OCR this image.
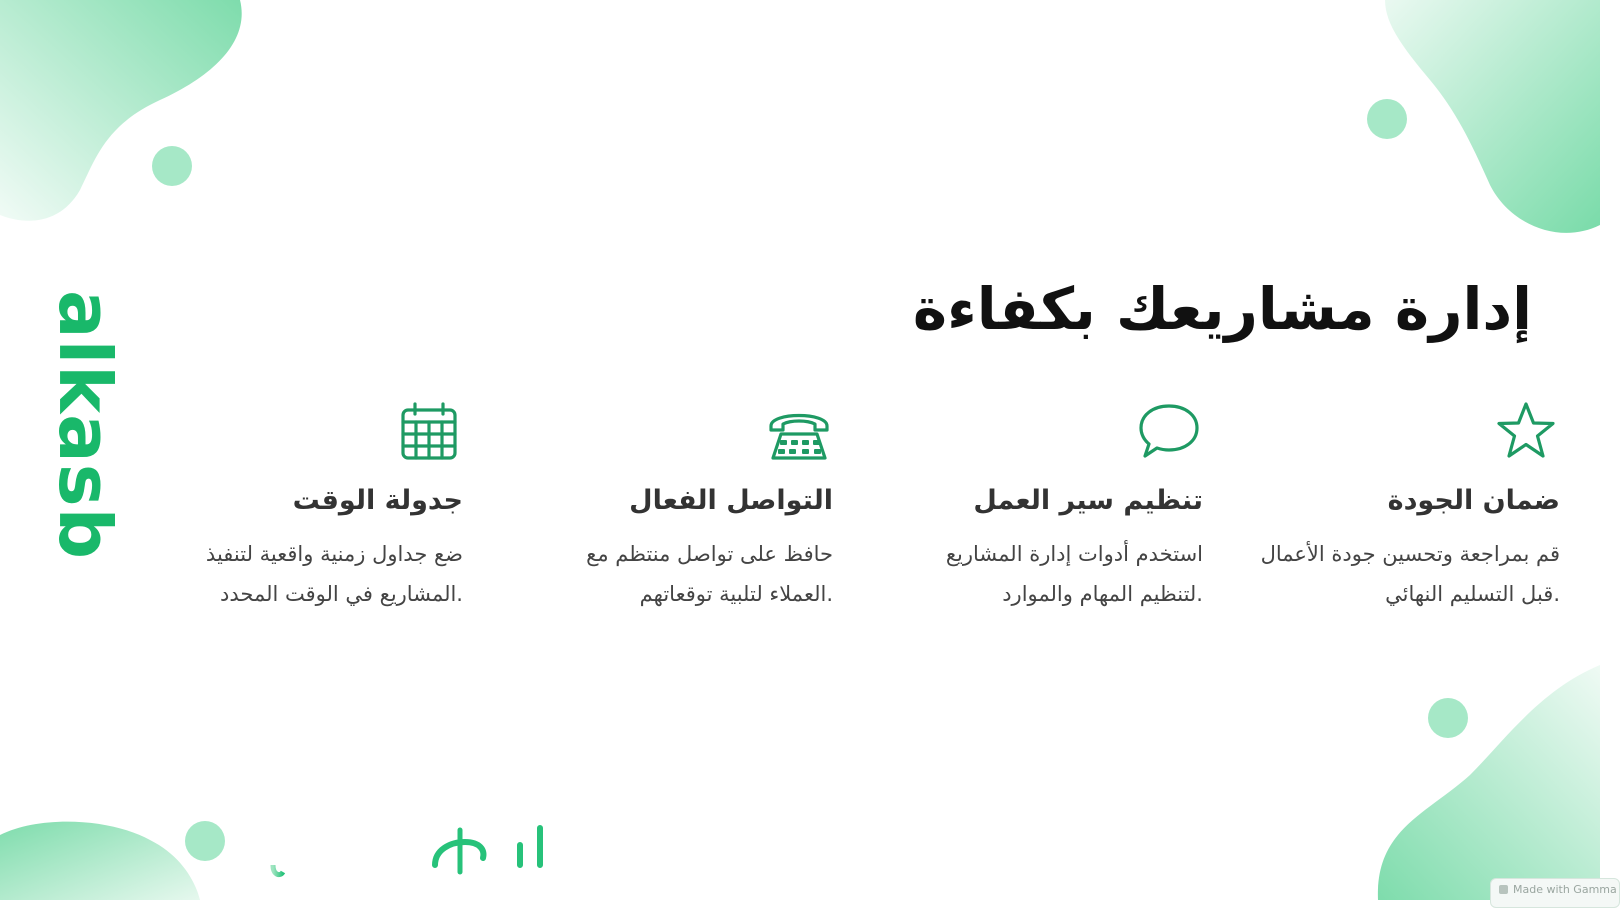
alkasb	إدارة مشاريعك بكفاءة
جدولة الوقت

ضع جداول زمنية واقعية لتنفيذ
.المشاريع في الوقت المحدد

التواصل الفعال

حافظ على تواصل منتظم مع
.العملاء لتلبية توقعاتهم

تنظيم سير العمل

استخدم أدوات إدارة المشاريع
.لتنظيم المهام والموارد

ضمان الجودة

قم بمراجعة وتحسين جودة الأعمال
.قبل التسليم النهائي

Made with Gamma
